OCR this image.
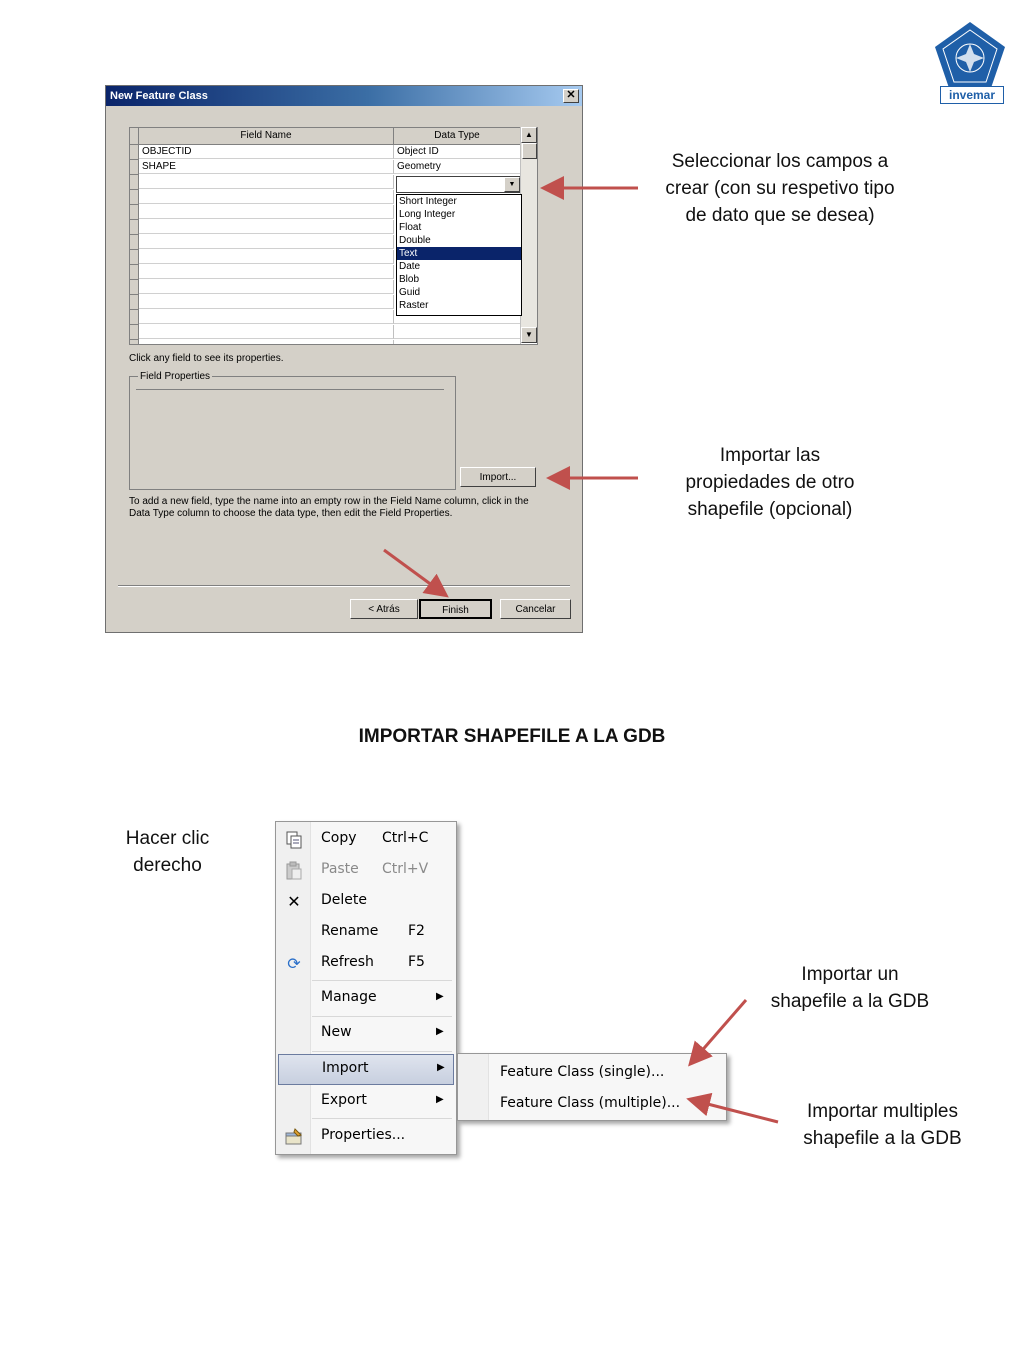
invemar
New Feature Class	✕
Field Name	Data Type
OBJECTID	Object ID
SHAPE	Geometry
▲
▼
▼
Short Integer
Long Integer
Float
Double
Text
Date
Blob
Guid
Raster
Click any field to see its properties.
Field Properties
Import...
To add a new field, type the name into an empty row in the Field Name column, click in the
Data Type column to choose the data type, then edit the Field Properties.
< Atrás	Finish	Cancelar
Seleccionar los campos a
crear (con su respetivo tipo
de dato que se desea)
Importar las
propiedades de otro
shapefile (opcional)
IMPORTAR SHAPEFILE A LA GDB
Hacer clic
derecho
Importar un
shapefile a la GDB
Importar multiples
shapefile a la GDB
Copy Ctrl+C
Paste Ctrl+V
✕ Delete
Rename F2
⟳ Refresh F5
Manage	▶
New	▶
Import	▶
Export	▶
Properties...
Feature Class (single)...
Feature Class (multiple)...
